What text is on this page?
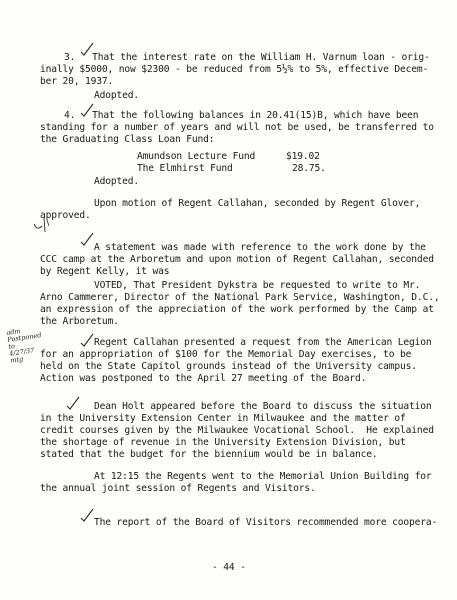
3.   That the interest rate on the William H. Varnum loan - orig-
inally $5000, now $2300 - be reduced from 5½% to 5%, effective Decem-
ber 20, 1937.
Adopted.
4.   That the following balances in 20.41(15)B, which have been
standing for a number of years and will not be used, be transferred to
the Graduating Class Loan Fund:
Amundson Lecture Fund	$19.02
The Elmhirst Fund	28.75.
Adopted.
Upon motion of Regent Callahan, seconded by Regent Glover,
approved.
A statement was made with reference to the work done by the
CCC camp at the Arboretum and upon motion of Regent Callahan, seconded
by Regent Kelly, it was
VOTED, That President Dykstra be requested to write to Mr.
Arno Cammerer, Director of the National Park Service, Washington, D.C.,
an expression of the appreciation of the work performed by the Camp at
the Arboretum.
adm
Postponed
to
4/27/37
mtg
Regent Callahan presented a request from the American Legion
for an appropriation of $100 for the Memorial Day exercises, to be
held on the State Capitol grounds instead of the University campus.
Action was postponed to the April 27 meeting of the Board.
Dean Holt appeared before the Board to discuss the situation
in the University Extension Center in Milwaukee and the matter of
credit courses given by the Milwaukee Vocational School.  He explained
the shortage of revenue in the University Extension Division, but
stated that the budget for the biennium would be in balance.
At 12:15 the Regents went to the Memorial Union Building for
the annual joint session of Regents and Visitors.
The report of the Board of Visitors recommended more coopera-
- 44 -
